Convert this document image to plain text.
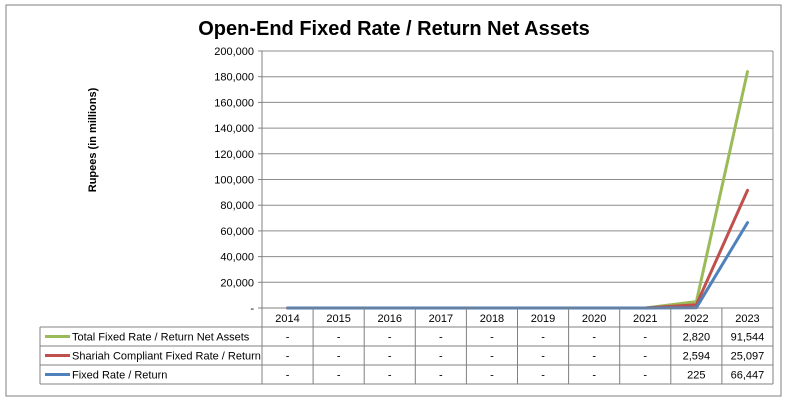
Open-End Fixed Rate / Return Net Assets
Rupees (in millions)
-
20,000
40,000
60,000
80,000
100,000
120,000
140,000
160,000
180,000
200,000
2014 2015 2016 2017 2018 2019 2020 2021 2022 2023
Total Fixed Rate / Return Net Assets	-	-	-	-	-	-	-	-	2,820 91,544
Shariah Compliant Fixed Rate / Return -	-	-	-	-	-	-	-	2,594 25,097
Fixed Rate / Return	-	-	-	-	-	-	-	-	225 66,447
